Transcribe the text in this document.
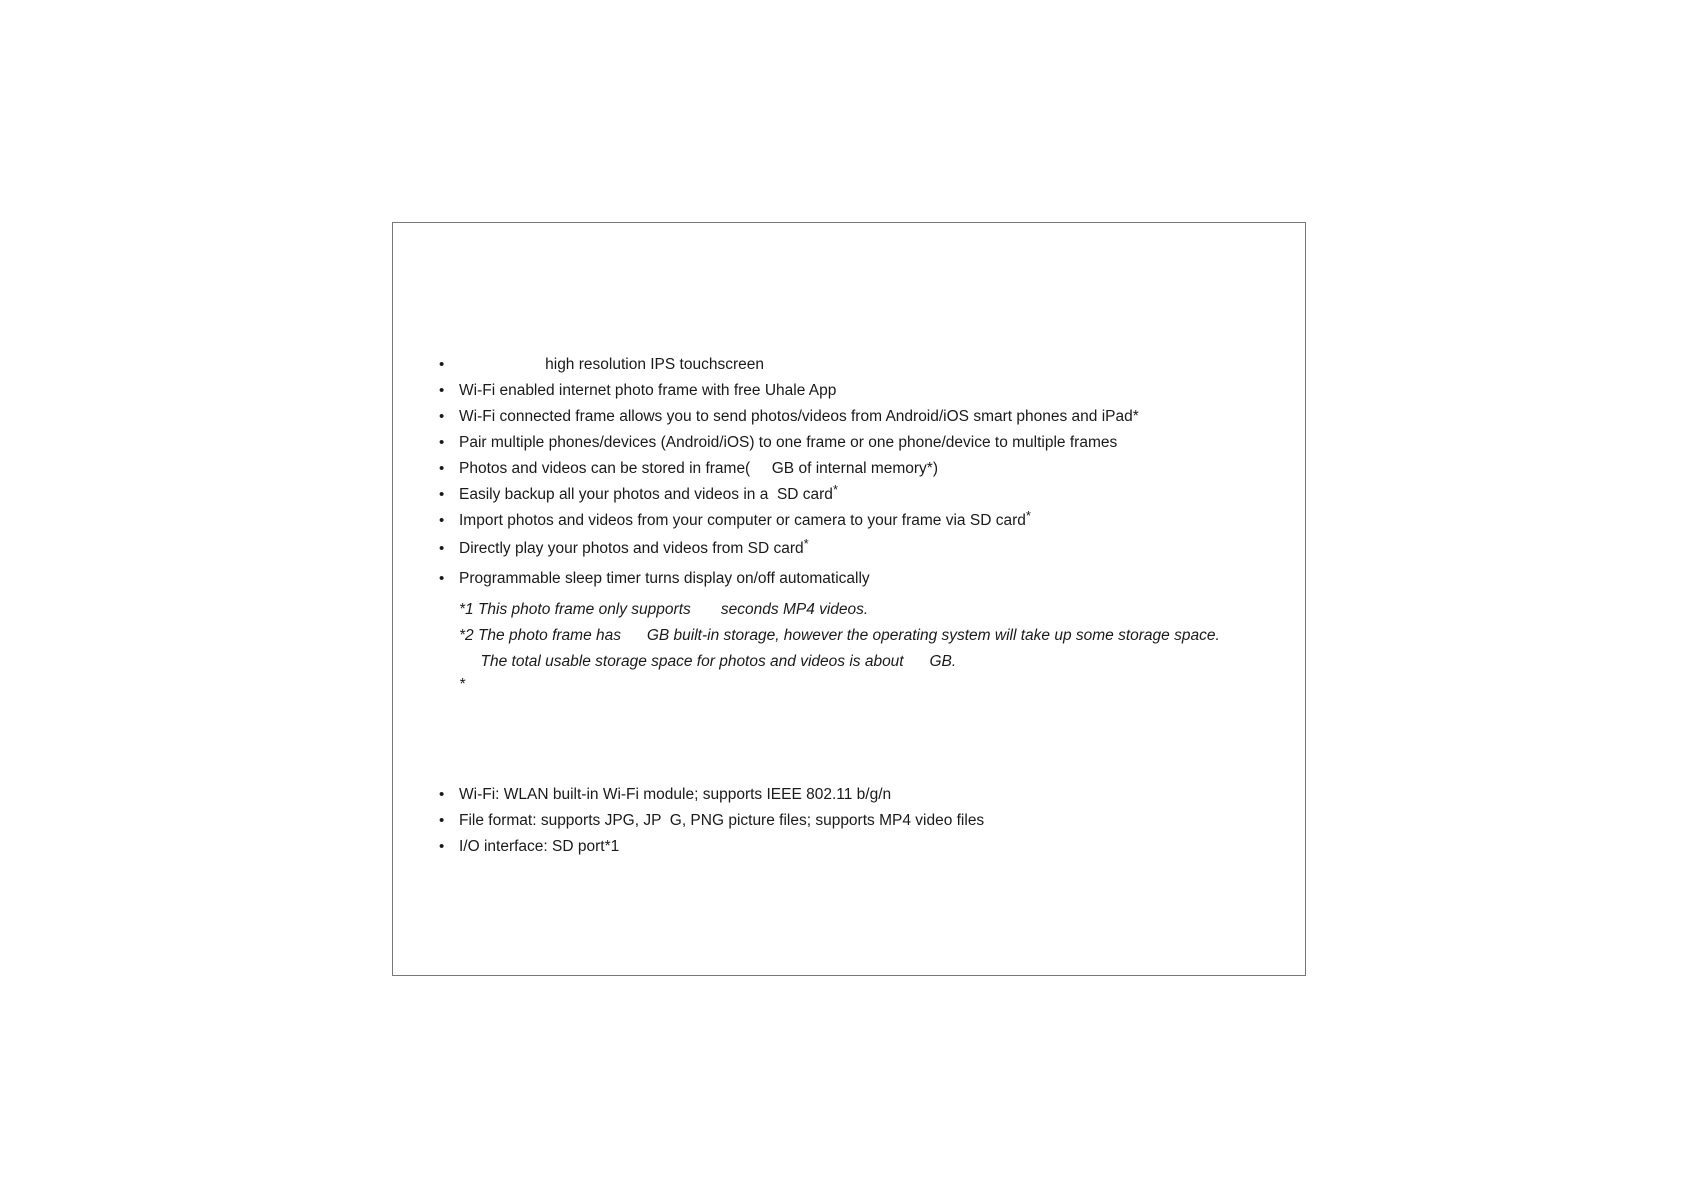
• high resolution IPS touchscreen
• Wi-Fi enabled internet photo frame with free Uhale App
• Wi-Fi connected frame allows you to send photos/videos from Android/iOS smart phones and iPad*
• Pair multiple phones/devices (Android/iOS) to one frame or one phone/device to multiple frames
• Photos and videos can be stored in frame(     GB of internal memory*)
• Easily backup all your photos and videos in a  SD card*
• Import photos and videos from your computer or camera to your frame via SD card*
• Directly play your photos and videos from SD card*
• Programmable sleep timer turns display on/off automatically
*1 This photo frame only supports       seconds MP4 videos.
*2 The photo frame has      GB built-in storage, however the operating system will take up some storage space.
The total usable storage space for photos and videos is about      GB.
*
• Wi-Fi: WLAN built-in Wi-Fi module; supports IEEE 802.11 b/g/n
• File format: supports JPG, JP  G, PNG picture files; supports MP4 video files
• I/O interface: SD port*1
